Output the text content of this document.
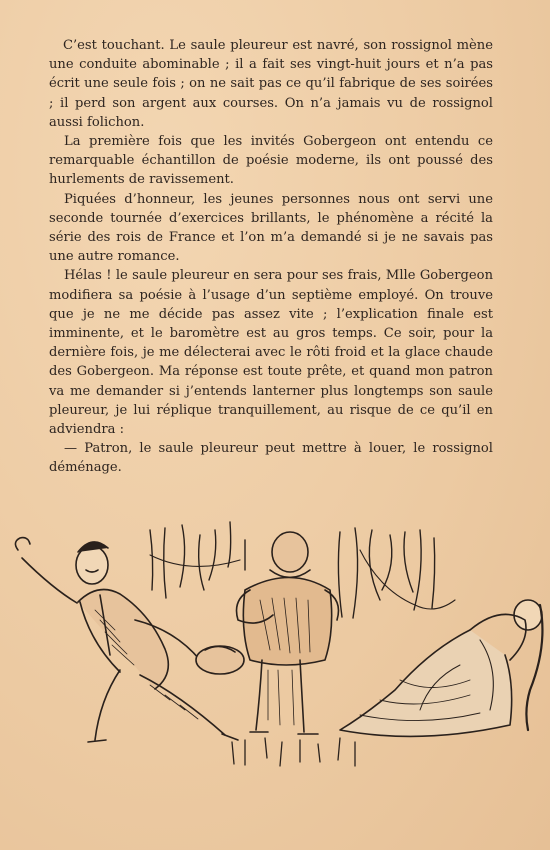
C’est touchant. Le saule pleureur est navré, son rossignol mène une conduite abominable ; il a fait ses vingt-huit jours et n’a pas écrit une seule fois ; on ne sait pas ce qu’il fabrique de ses soirées ; il perd son argent aux courses. On n’a jamais vu de rossignol aussi folichon.

La première fois que les invités Gobergeon ont entendu ce remarquable échantillon de poésie moderne, ils ont poussé des hurlements de ravissement.

Piquées d’honneur, les jeunes personnes nous ont servi une seconde tournée d’exercices brillants, le phénomène a récité la série des rois de France et l’on m’a demandé si je ne savais pas une autre romance.

Hélas ! le saule pleureur en sera pour ses frais, Mlle Gobergeon modifiera sa poésie à l’usage d’un septième employé. On trouve que je ne me décide pas assez vite ; l’explication finale est imminente, et le baromètre est au gros temps. Ce soir, pour la dernière fois, je me délecterai avec le rôti froid et la glace chaude des Gobergeon. Ma réponse est toute prête, et quand mon patron va me demander si j’entends lanterner plus longtemps son saule pleureur, je lui réplique tranquillement, au risque de ce qu’il en adviendra :

— Patron, le saule pleureur peut mettre à louer, le rossignol déménage.
